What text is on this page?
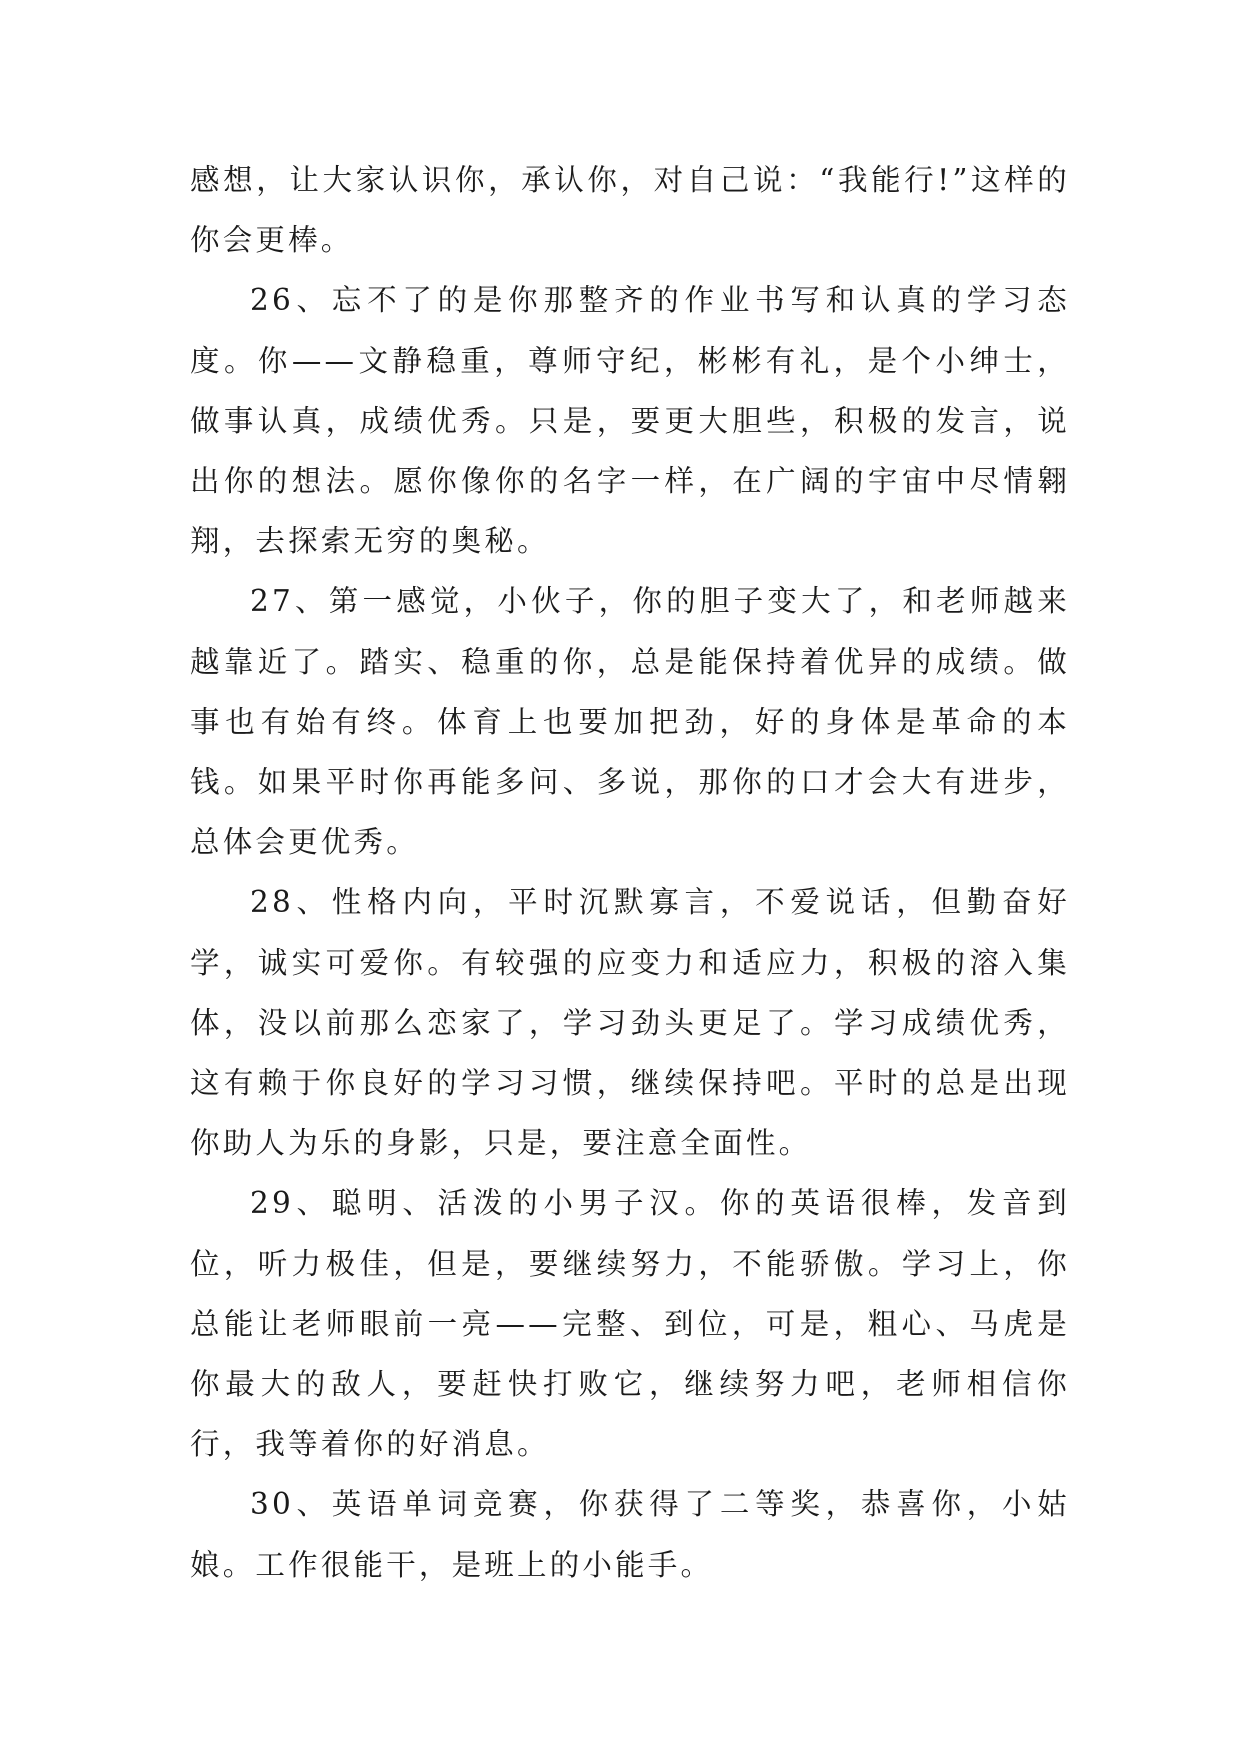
感想，让大家认识你，承认你，对自己说：“我能行!”这样的你会更棒。

26、忘不了的是你那整齐的作业书写和认真的学习态度。你——文静稳重，尊师守纪，彬彬有礼，是个小绅士，做事认真，成绩优秀。只是，要更大胆些，积极的发言，说出你的想法。愿你像你的名字一样，在广阔的宇宙中尽情翱翔，去探索无穷的奥秘。

27、第一感觉，小伙子，你的胆子变大了，和老师越来越靠近了。踏实、稳重的你，总是能保持着优异的成绩。做事也有始有终。体育上也要加把劲，好的身体是革命的本钱。如果平时你再能多问、多说，那你的口才会大有进步，总体会更优秀。

28、性格内向，平时沉默寡言，不爱说话，但勤奋好学，诚实可爱你。有较强的应变力和适应力，积极的溶入集体，没以前那么恋家了，学习劲头更足了。学习成绩优秀，这有赖于你良好的学习习惯，继续保持吧。平时的总是出现你助人为乐的身影，只是，要注意全面性。

29、聪明、活泼的小男子汉。你的英语很棒，发音到位，听力极佳，但是，要继续努力，不能骄傲。学习上，你总能让老师眼前一亮——完整、到位，可是，粗心、马虎是你最大的敌人，要赶快打败它，继续努力吧，老师相信你行，我等着你的好消息。

30、英语单词竞赛，你获得了二等奖，恭喜你，小姑娘。工作很能干，是班上的小能手。
